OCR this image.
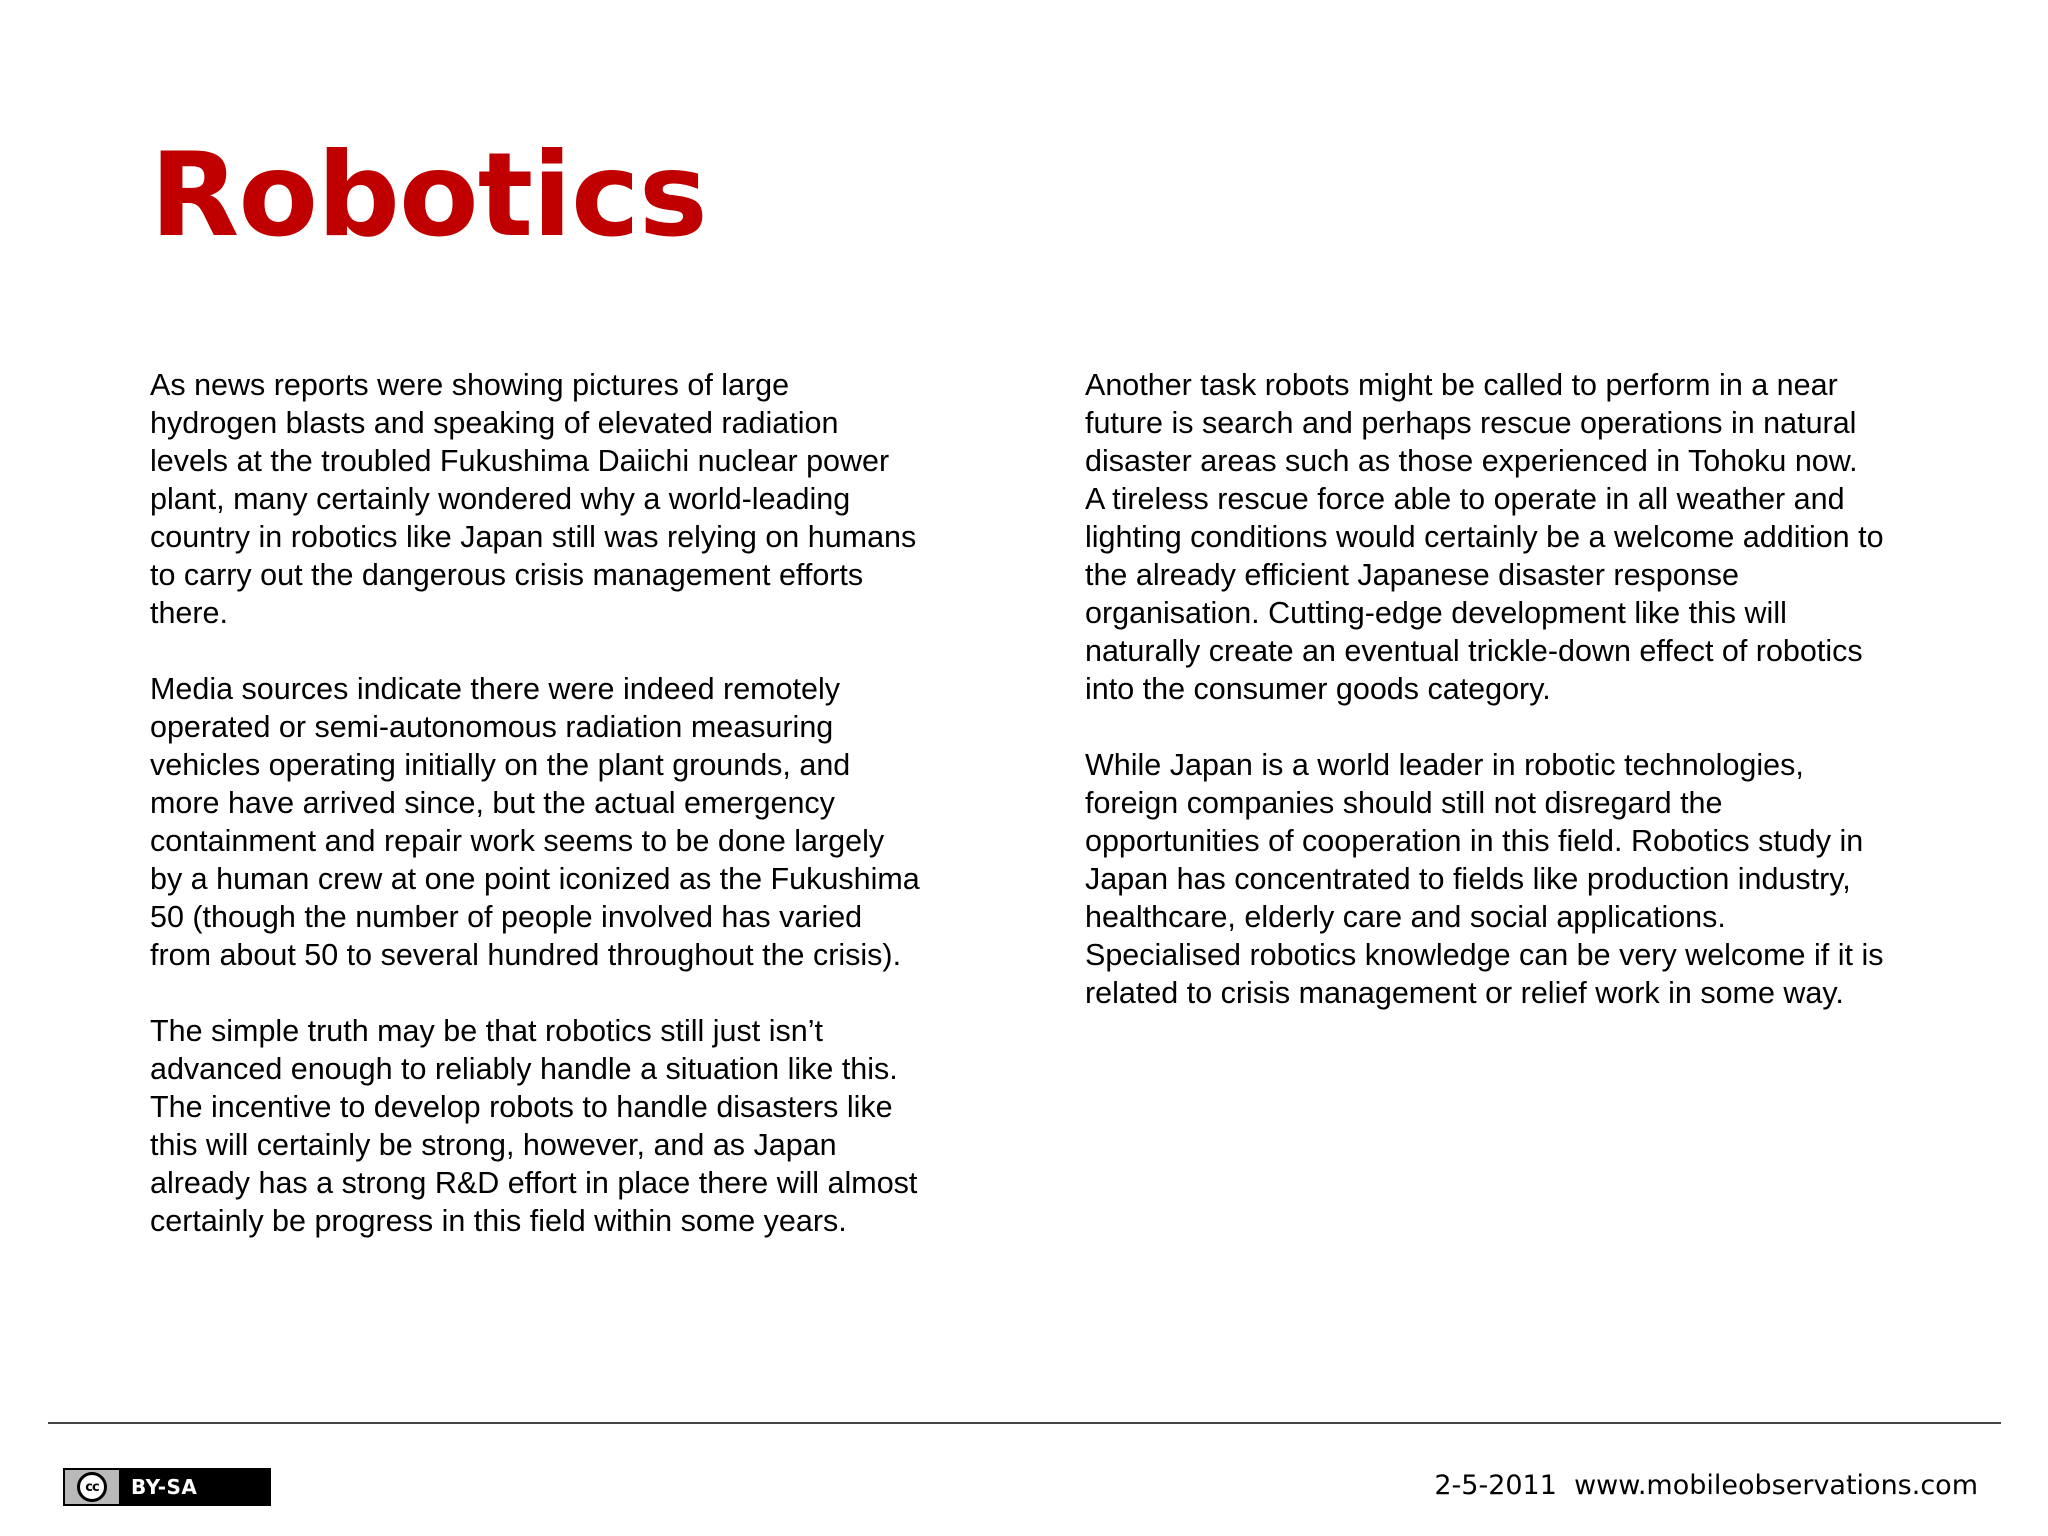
Robotics

As news reports were showing pictures of large
hydrogen blasts and speaking of elevated radiation
levels at the troubled Fukushima Daiichi nuclear power
plant, many certainly wondered why a world-leading
country in robotics like Japan still was relying on humans
to carry out the dangerous crisis management efforts
there.

Media sources indicate there were indeed remotely
operated or semi-autonomous radiation measuring
vehicles operating initially on the plant grounds, and
more have arrived since, but the actual emergency
containment and repair work seems to be done largely
by a human crew at one point iconized as the Fukushima
50 (though the number of people involved has varied
from about 50 to several hundred throughout the crisis).

The simple truth may be that robotics still just isn’t
advanced enough to reliably handle a situation like this.
The incentive to develop robots to handle disasters like
this will certainly be strong, however, and as Japan
already has a strong R&D effort in place there will almost
certainly be progress in this field within some years.

Another task robots might be called to perform in a near
future is search and perhaps rescue operations in natural
disaster areas such as those experienced in Tohoku now.
A tireless rescue force able to operate in all weather and
lighting conditions would certainly be a welcome addition to
the already efficient Japanese disaster response
organisation. Cutting-edge development like this will
naturally create an eventual trickle-down effect of robotics
into the consumer goods category.

While Japan is a world leader in robotic technologies,
foreign companies should still not disregard the
opportunities of cooperation in this field. Robotics study in
Japan has concentrated to fields like production industry,
healthcare, elderly care and social applications.
Specialised robotics knowledge can be very welcome if it is
related to crisis management or relief work in some way.

cc	BY-SA	2-5-2011  www.mobileobservations.com
